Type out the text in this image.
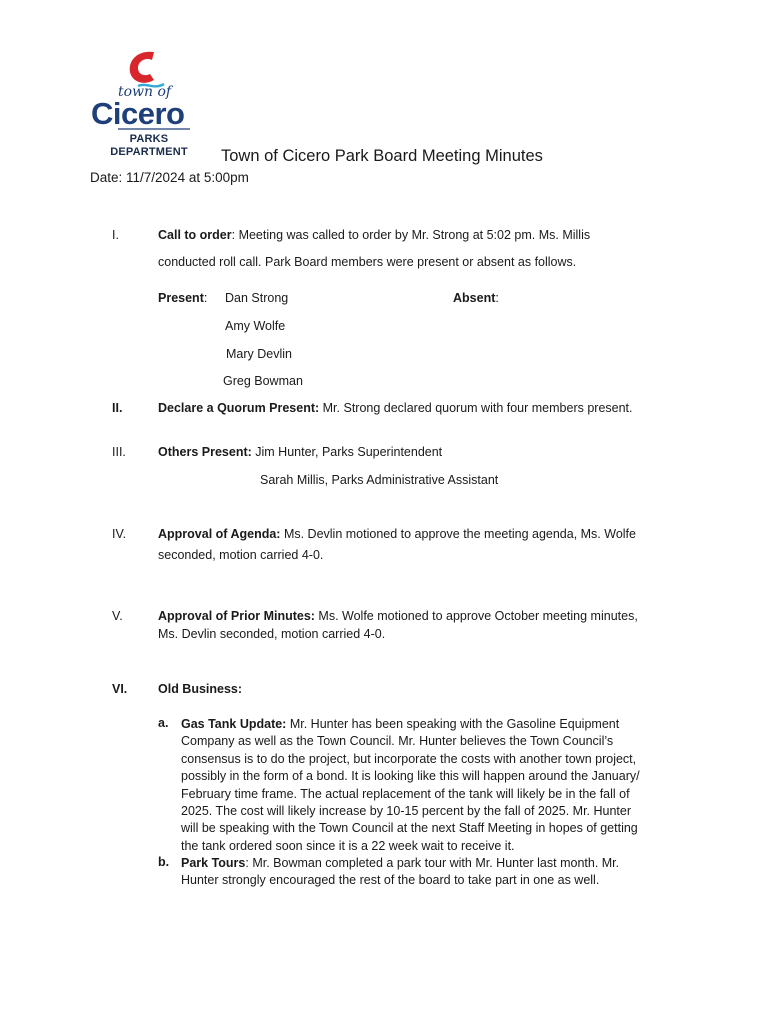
town of
Cicero
PARKS
DEPARTMENT	Town of Cicero Park Board Meeting Minutes
Date: 11/7/2024 at 5:00pm
I.	Call to order: Meeting was called to order by Mr. Strong at 5:02 pm. Ms. Millis
conducted roll call. Park Board members were present or absent as follows.
Present: Dan Strong
Amy Wolfe
Mary Devlin
Greg Bowman
Absent:
II.	Declare a Quorum Present: Mr. Strong declared quorum with four members present.
III.	Others Present: Jim Hunter, Parks Superintendent
Sarah Millis, Parks Administrative Assistant
IV.	Approval of Agenda: Ms. Devlin motioned to approve the meeting agenda, Ms. Wolfe
seconded, motion carried 4-0.
V.	Approval of Prior Minutes: Ms. Wolfe motioned to approve October meeting minutes,
Ms. Devlin seconded, motion carried 4-0.
VI. Old Business:
a. Gas Tank Update: Mr. Hunter has been speaking with the Gasoline Equipment
Company as well as the Town Council. Mr. Hunter believes the Town Council’s
consensus is to do the project, but incorporate the costs with another town project,
possibly in the form of a bond. It is looking like this will happen around the January/
February time frame. The actual replacement of the tank will likely be in the fall of
2025. The cost will likely increase by 10-15 percent by the fall of 2025. Mr. Hunter
will be speaking with the Town Council at the next Staff Meeting in hopes of getting
the tank ordered soon since it is a 22 week wait to receive it.
b. Park Tours: Mr. Bowman completed a park tour with Mr. Hunter last month. Mr.
Hunter strongly encouraged the rest of the board to take part in one as well.
